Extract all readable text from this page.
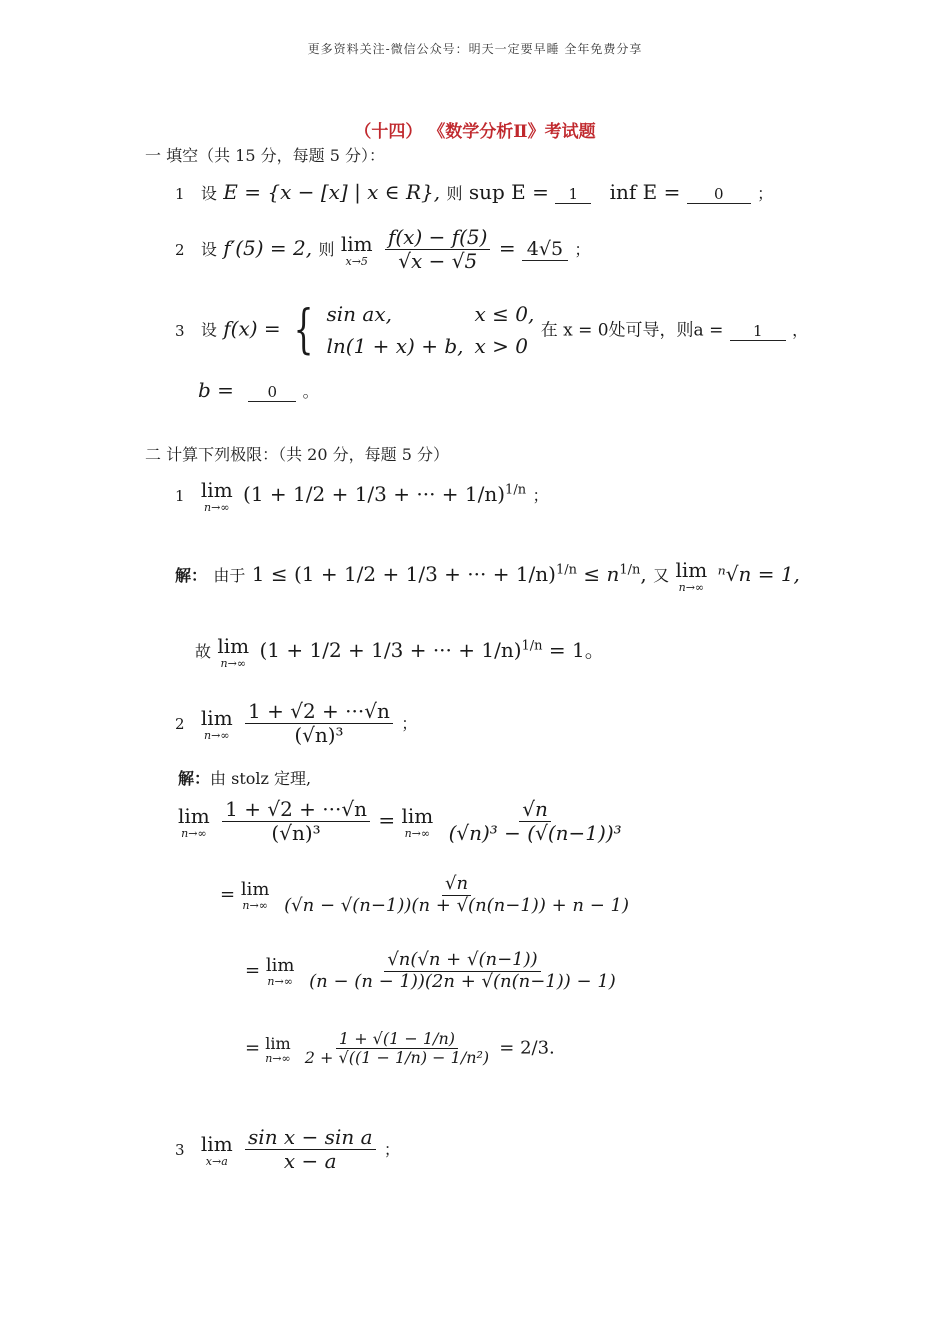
更多资料关注-微信公众号：明天一定要早睡 全年免费分享
（十四） 《数学分析Ⅱ》考试题
一 填空（共 15 分，每题 5 分）：
1 设 E = {x − [x] | x ∈ R}, 则 sup E = 1 inf E = 0 ；
2 设 f′(5) = 2, 则 lim
x→5
$\frac{f(x) - f(5)}{√x - √5} = 4√5$ ；
3 设 f(x) = { sin ax,	x ≤ 0,
ln(1 + x) + b, x > 0
在 x = 0处可导，则a = 1 ，
b = 0 。
二 计算下列极限：（共 20 分，每题 5 分）
1 lim
n→∞
(1 + 1/2 + 1/3 + ··· + 1/n)$^{1/n}$ ；
解： 由于 1 ≤ (1 + 1/2 + 1/3 + ··· + $1/n)^{1/n} \le n^{1/n}$, 又 lim
n→∞
ⁿ√n = 1,
故 lim
n→∞
(1 + 1/2 + 1/3 + ··· + 1/n)$^{1/n}$ = 1。
2 lim
n→∞
$\frac{1 + √2 + \cdot\cdot\cdot√n}{\text{(√n)³}}$ ；
解：由 stolz 定理,
lim
n→∞
$\frac{1 + √2 + \cdot\cdot\cdot√n}{\text{(√n)³}} = \lim$
n→∞
$\frac{√n}{\text{(√n)³ − (√(n−1))³}}$
= lim
n→∞
$\frac{√n}{(√n - √(n-1))(n + √(n(n-1)) + n - 1)}$
= lim
n→∞
$\frac{√n(√n + √(n-1))}{(n - (n - 1))(2n + √(n(n-1)) - 1)}$
= lim
n→∞
$\frac{1 + √(1 - 1/n)}{\text{2 + √((1 − 1/n) − 1/n²)}} = 2/3$.
3 lim
x→a
$\frac{\text{sin x − sin a}}{x - a}$ ；
